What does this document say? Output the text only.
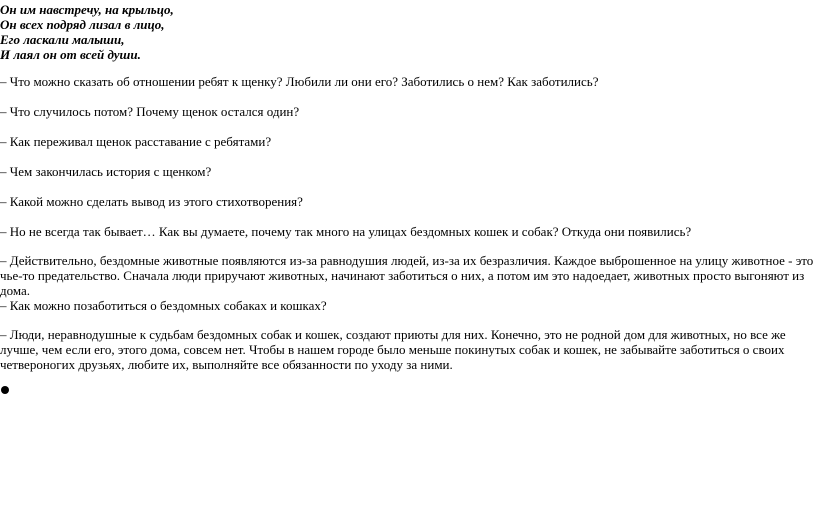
Он им навстречу, на крыльцо,
Он всех подряд лизал в лицо,
Его ласкали малыши,
И лаял он от всей души.
– Что можно сказать об отношении ребят к щенку? Любили ли они его? Заботились о нем? Как заботились?
– Что случилось потом? Почему щенок остался один?
– Как переживал щенок расставание с ребятами?
– Чем закончилась история с щенком?
– Какой можно сделать вывод из этого стихотворения?
– Но не всегда так бывает… Как вы думаете, почему так много на улицах бездомных кошек и собак? Откуда они появились?
– Действительно, бездомные животные появляются из-за равнодушия людей, из-за их безразличия. Каждое выброшенное на улицу животное - это чье-то предательство. Сначала люди приручают животных, начинают заботиться о них, а потом им это надоедает, животных просто выгоняют из дома.
– Как можно позаботиться о бездомных собаках и кошках?
– Люди, неравнодушные к судьбам бездомных собак и кошек, создают приюты для них. Конечно, это не родной дом для животных, но все же лучше, чем если его, этого дома, совсем нет. Чтобы в нашем городе было меньше покинутых собак и кошек, не забывайте заботиться о своих четвероногих друзьях, любите их, выполняйте все обязанности по уходу за ними.
